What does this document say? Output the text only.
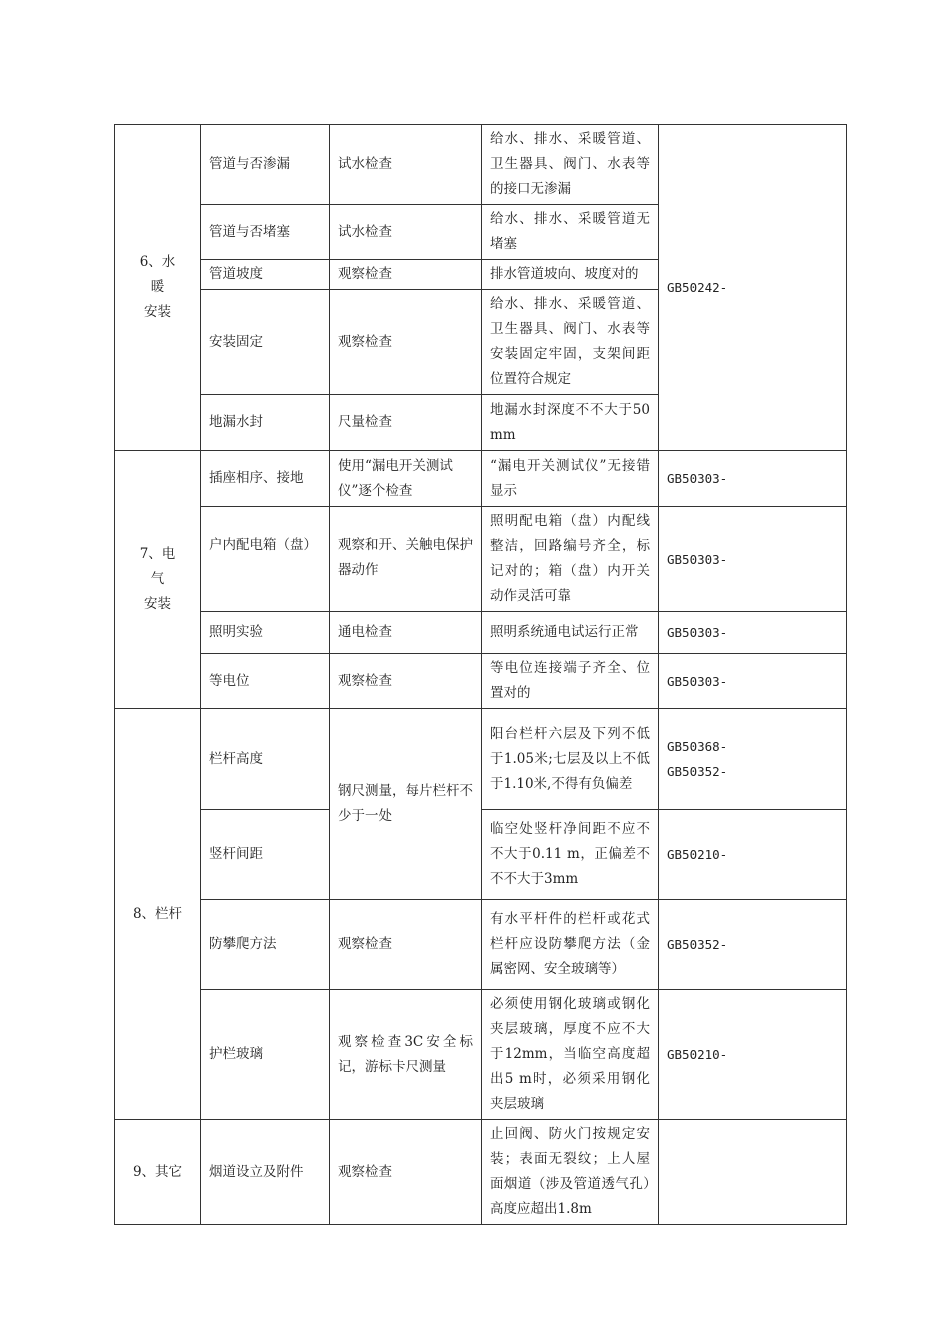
6、水
暖
安装	管道与否渗漏	试水检查	给水、排水、采暖管道、卫生器具、阀门、水表等的接口无渗漏	GB50242-
	管道与否堵塞	试水检查	给水、排水、采暖管道无堵塞	
	管道坡度	观察检查	排水管道坡向、坡度对的	
	安装固定	观察检查	给水、排水、采暖管道、卫生器具、阀门、水表等安装固定牢固，支架间距位置符合规定	
	地漏水封	尺量检查	地漏水封深度不不大于50mm	
7、电
气
安装	插座相序、接地	使用“漏电开关测试仪”逐个检查	“漏电开关测试仪”无接错显示	GB50303-
	户内配电箱（盘）	观察和开、关触电保护器动作	照明配电箱（盘）内配线整洁，回路编号齐全，标记对的；箱（盘）内开关动作灵活可靠	GB50303-
	照明实验	通电检查	照明系统通电试运行正常	GB50303-
	等电位	观察检查	等电位连接端子齐全、位置对的	GB50303-
8、栏杆	栏杆高度	钢尺测量，每片栏杆不少于一处	阳台栏杆六层及下列不低于1.05米;七层及以上不低于1.10米,不得有负偏差	GB50368-
GB50352-
	竖杆间距		临空处竖杆净间距不应不不大于0.11 m，正偏差不不不大于3mm	GB50210-
	防攀爬方法	观察检查	有水平杆件的栏杆或花式栏杆应设防攀爬方法（金属密网、安全玻璃等）	GB50352-
	护栏玻璃	观察检查3C安全标记，游标卡尺测量	必须使用钢化玻璃或钢化夹层玻璃，厚度不应不大于12mm，当临空高度超出5 m时，必须采用钢化夹层玻璃	GB50210-
9、其它	烟道设立及附件	观察检查	止回阀、防火门按规定安装；表面无裂纹；上人屋面烟道（涉及管道透气孔）高度应超出1.8m	
